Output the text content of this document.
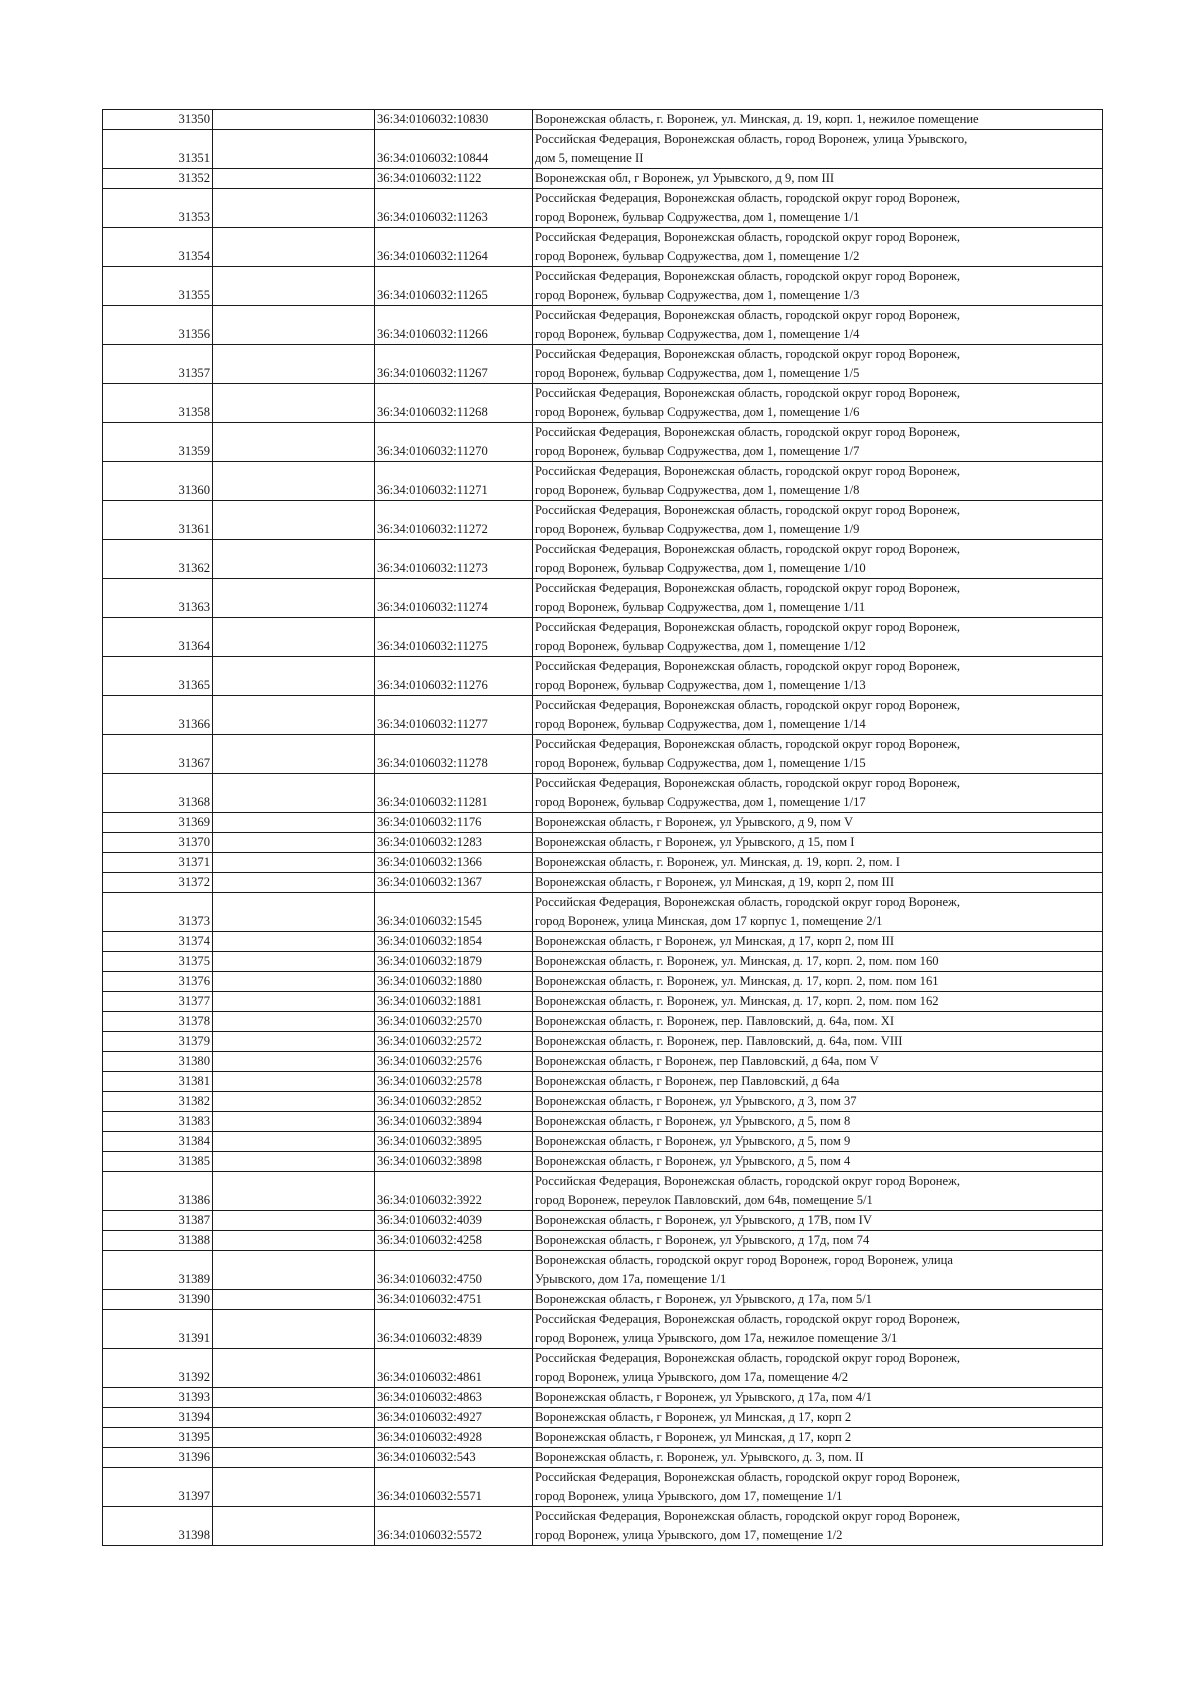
31350		36:34:0106032:10830	Воронежская область, г. Воронеж, ул. Минская, д. 19, корп. 1, нежилое помещение
31351		36:34:0106032:10844	Российская Федерация, Воронежская область, город Воронеж, улица Урывского,
дом 5, помещение II
31352		36:34:0106032:1122	Воронежская обл, г Воронеж, ул Урывского, д 9, пом III
31353		36:34:0106032:11263	Российская Федерация, Воронежская область, городской округ город Воронеж,
город Воронеж, бульвар Содружества, дом 1, помещение 1/1
31354		36:34:0106032:11264	Российская Федерация, Воронежская область, городской округ город Воронеж,
город Воронеж, бульвар Содружества, дом 1, помещение 1/2
31355		36:34:0106032:11265	Российская Федерация, Воронежская область, городской округ город Воронеж,
город Воронеж, бульвар Содружества, дом 1, помещение 1/3
31356		36:34:0106032:11266	Российская Федерация, Воронежская область, городской округ город Воронеж,
город Воронеж, бульвар Содружества, дом 1, помещение 1/4
31357		36:34:0106032:11267	Российская Федерация, Воронежская область, городской округ город Воронеж,
город Воронеж, бульвар Содружества, дом 1, помещение 1/5
31358		36:34:0106032:11268	Российская Федерация, Воронежская область, городской округ город Воронеж,
город Воронеж, бульвар Содружества, дом 1, помещение 1/6
31359		36:34:0106032:11270	Российская Федерация, Воронежская область, городской округ город Воронеж,
город Воронеж, бульвар Содружества, дом 1, помещение 1/7
31360		36:34:0106032:11271	Российская Федерация, Воронежская область, городской округ город Воронеж,
город Воронеж, бульвар Содружества, дом 1, помещение 1/8
31361		36:34:0106032:11272	Российская Федерация, Воронежская область, городской округ город Воронеж,
город Воронеж, бульвар Содружества, дом 1, помещение 1/9
31362		36:34:0106032:11273	Российская Федерация, Воронежская область, городской округ город Воронеж,
город Воронеж, бульвар Содружества, дом 1, помещение 1/10
31363		36:34:0106032:11274	Российская Федерация, Воронежская область, городской округ город Воронеж,
город Воронеж, бульвар Содружества, дом 1, помещение 1/11
31364		36:34:0106032:11275	Российская Федерация, Воронежская область, городской округ город Воронеж,
город Воронеж, бульвар Содружества, дом 1, помещение 1/12
31365		36:34:0106032:11276	Российская Федерация, Воронежская область, городской округ город Воронеж,
город Воронеж, бульвар Содружества, дом 1, помещение 1/13
31366		36:34:0106032:11277	Российская Федерация, Воронежская область, городской округ город Воронеж,
город Воронеж, бульвар Содружества, дом 1, помещение 1/14
31367		36:34:0106032:11278	Российская Федерация, Воронежская область, городской округ город Воронеж,
город Воронеж, бульвар Содружества, дом 1, помещение 1/15
31368		36:34:0106032:11281	Российская Федерация, Воронежская область, городской округ город Воронеж,
город Воронеж, бульвар Содружества, дом 1, помещение 1/17
31369		36:34:0106032:1176	Воронежская область, г Воронеж, ул Урывского, д 9, пом V
31370		36:34:0106032:1283	Воронежская область, г Воронеж, ул Урывского, д 15, пом I
31371		36:34:0106032:1366	Воронежская область, г. Воронеж, ул. Минская, д. 19, корп. 2, пом. I
31372		36:34:0106032:1367	Воронежская область, г Воронеж, ул Минская, д 19, корп 2, пом III
31373		36:34:0106032:1545	Российская Федерация, Воронежская область, городской округ город Воронеж,
город Воронеж, улица Минская, дом 17 корпус 1, помещение 2/1
31374		36:34:0106032:1854	Воронежская область, г Воронеж, ул Минская, д 17, корп 2, пом III
31375		36:34:0106032:1879	Воронежская область, г. Воронеж, ул. Минская, д. 17, корп. 2, пом. пом 160
31376		36:34:0106032:1880	Воронежская область, г. Воронеж, ул. Минская, д. 17, корп. 2, пом. пом 161
31377		36:34:0106032:1881	Воронежская область, г. Воронеж, ул. Минская, д. 17, корп. 2, пом. пом 162
31378		36:34:0106032:2570	Воронежская область, г. Воронеж, пер. Павловский, д. 64а, пом. XI
31379		36:34:0106032:2572	Воронежская область, г. Воронеж, пер. Павловский, д. 64а, пом. VIII
31380		36:34:0106032:2576	Воронежская область, г Воронеж, пер Павловский, д 64а, пом V
31381		36:34:0106032:2578	Воронежская область, г Воронеж, пер Павловский, д 64а
31382		36:34:0106032:2852	Воронежская область, г Воронеж, ул Урывского, д 3, пом 37
31383		36:34:0106032:3894	Воронежская область, г Воронеж, ул Урывского, д 5, пом 8
31384		36:34:0106032:3895	Воронежская область, г Воронеж, ул Урывского, д 5, пом 9
31385		36:34:0106032:3898	Воронежская область, г Воронеж, ул Урывского, д 5, пом 4
31386		36:34:0106032:3922	Российская Федерация, Воронежская область, городской округ город Воронеж,
город Воронеж, переулок Павловский, дом 64в, помещение 5/1
31387		36:34:0106032:4039	Воронежская область, г Воронеж, ул Урывского, д 17В, пом IV
31388		36:34:0106032:4258	Воронежская область, г Воронеж, ул Урывского, д 17д, пом 74
31389		36:34:0106032:4750	Воронежская область, городской округ город Воронеж, город Воронеж, улица
Урывского, дом 17а, помещение 1/1
31390		36:34:0106032:4751	Воронежская область, г Воронеж, ул Урывского, д 17а, пом 5/1
31391		36:34:0106032:4839	Российская Федерация, Воронежская область, городской округ город Воронеж,
город Воронеж, улица Урывского, дом 17а, нежилое помещение 3/1
31392		36:34:0106032:4861	Российская Федерация, Воронежская область, городской округ город Воронеж,
город Воронеж, улица Урывского, дом 17а, помещение 4/2
31393		36:34:0106032:4863	Воронежская область, г Воронеж, ул Урывского, д 17а, пом 4/1
31394		36:34:0106032:4927	Воронежская область, г Воронеж, ул Минская, д 17, корп 2
31395		36:34:0106032:4928	Воронежская область, г Воронеж, ул Минская, д 17, корп 2
31396		36:34:0106032:543	Воронежская область, г. Воронеж, ул. Урывского, д. 3, пом. II
31397		36:34:0106032:5571	Российская Федерация, Воронежская область, городской округ город Воронеж,
город Воронеж, улица Урывского, дом 17, помещение 1/1
31398		36:34:0106032:5572	Российская Федерация, Воронежская область, городской округ город Воронеж,
город Воронеж, улица Урывского, дом 17, помещение 1/2
